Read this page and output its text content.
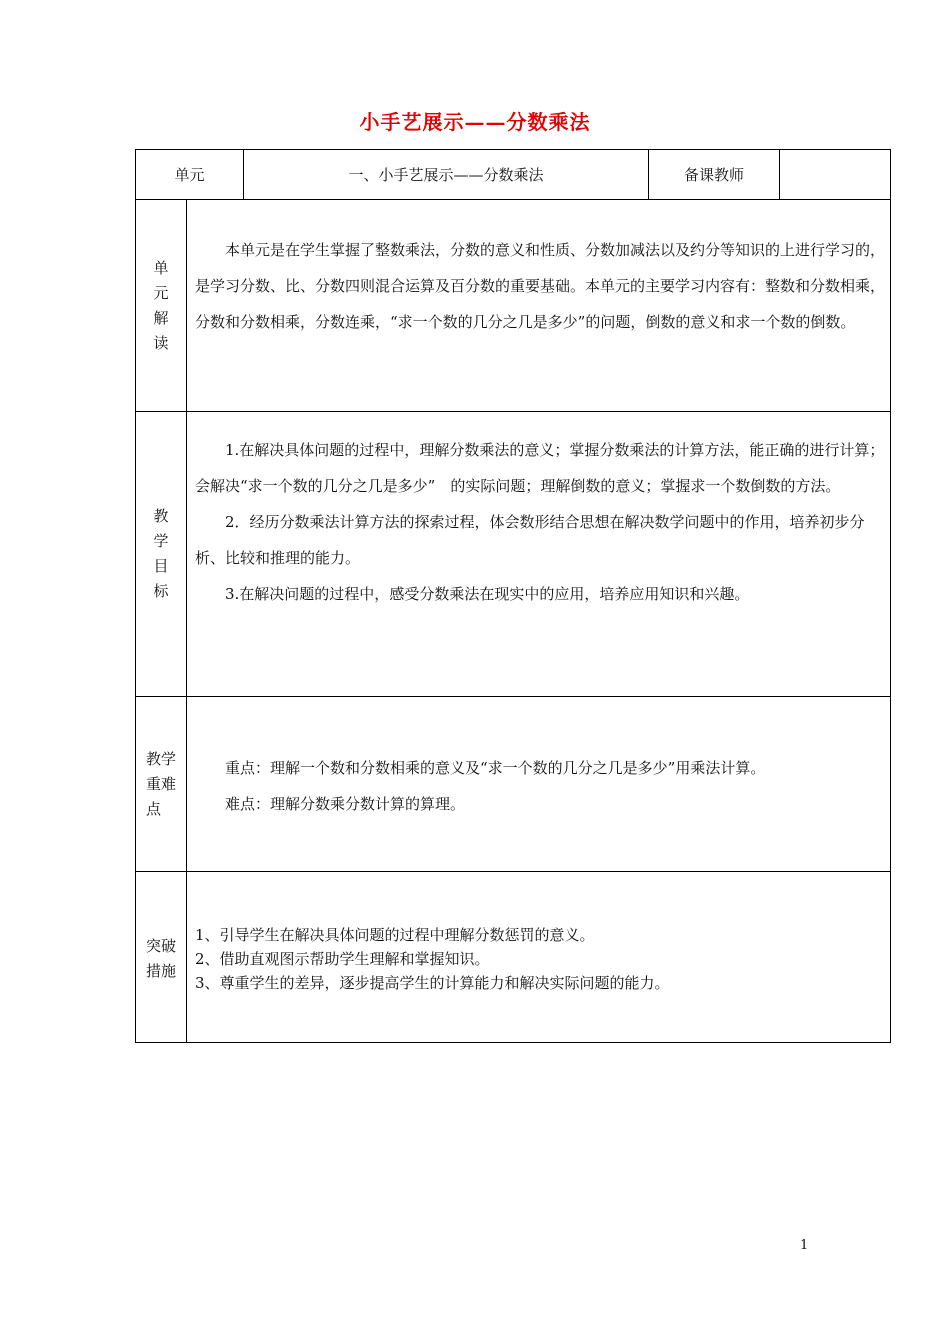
小手艺展示——分数乘法
单元	一、小手艺展示——分数乘法	备课教师
单
元
解
读

本单元是在学生掌握了整数乘法，分数的意义和性质、分数加减法以及约分等知识的上进行学习的，是学习分数、比、分数四则混合运算及百分数的重要基础。本单元的主要学习内容有：整数和分数相乘，分数和分数相乘，分数连乘，“求一个数的几分之几是多少”的问题，倒数的意义和求一个数的倒数。

教
学
目
标

1.在解决具体问题的过程中，理解分数乘法的意义；掌握分数乘法的计算方法，能正确的进行计算；会解决“求一个数的几分之几是多少”　的实际问题；理解倒数的意义；掌握求一个数倒数的方法。

2．经历分数乘法计算方法的探索过程，体会数形结合思想在解决数学问题中的作用，培养初步分析、比较和推理的能力。

3.在解决问题的过程中，感受分数乘法在现实中的应用，培养应用知识和兴趣。

教学
重难
点

重点：理解一个数和分数相乘的意义及“求一个数的几分之几是多少”用乘法计算。

难点：理解分数乘分数计算的算理。

突破
措施

1、引导学生在解决具体问题的过程中理解分数惩罚的意义。

2、借助直观图示帮助学生理解和掌握知识。

3、尊重学生的差异，逐步提高学生的计算能力和解决实际问题的能力。

1
